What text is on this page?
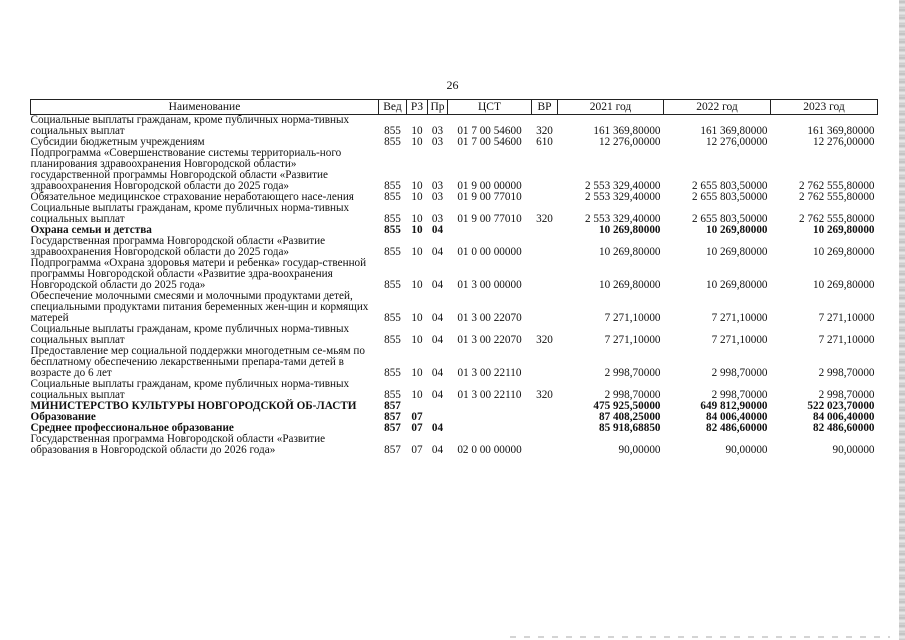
26
Наименование	Вед	РЗ	Пр	ЦСТ	ВР	2021 год	2022 год	2023 год
Социальные выплаты гражданам, кроме публичных норма-тивных социальных выплат	855	10	03	01 7 00 54600	320	161 369,80000	161 369,80000	161 369,80000
Субсидии бюджетным учреждениям	855	10	03	01 7 00 54600	610	12 276,00000	12 276,00000	12 276,00000
Подпрограмма «Совершенствование системы территориаль-ного планирования здравоохранения Новгородской области» государственной программы Новгородской области «Развитие здравоохранения Новгородской области до 2025 года»	855	10	03	01 9 00 00000		2 553 329,40000	2 655 803,50000	2 762 555,80000
Обязательное медицинское страхование неработающего насе-ления	855	10	03	01 9 00 77010		2 553 329,40000	2 655 803,50000	2 762 555,80000
Социальные выплаты гражданам, кроме публичных норма-тивных социальных выплат	855	10	03	01 9 00 77010	320	2 553 329,40000	2 655 803,50000	2 762 555,80000
Охрана семьи и детства	855	10	04			10 269,80000	10 269,80000	10 269,80000
Государственная программа Новгородской области «Развитие здравоохранения Новгородской области до 2025 года»	855	10	04	01 0 00 00000		10 269,80000	10 269,80000	10 269,80000
Подпрограмма «Охрана здоровья матери и ребенка» государ-ственной программы Новгородской области «Развитие здра-воохранения Новгородской области до 2025 года»	855	10	04	01 3 00 00000		10 269,80000	10 269,80000	10 269,80000
Обеспечение молочными смесями и молочными продуктами детей, специальными продуктами питания беременных жен-щин и кормящих матерей	855	10	04	01 3 00 22070		7 271,10000	7 271,10000	7 271,10000
Социальные выплаты гражданам, кроме публичных норма-тивных социальных выплат	855	10	04	01 3 00 22070	320	7 271,10000	7 271,10000	7 271,10000
Предоставление мер социальной поддержки многодетным се-мьям по бесплатному обеспечению лекарственными препара-тами детей в возрасте до 6 лет	855	10	04	01 3 00 22110		2 998,70000	2 998,70000	2 998,70000
Социальные выплаты гражданам, кроме публичных норма-тивных социальных выплат	855	10	04	01 3 00 22110	320	2 998,70000	2 998,70000	2 998,70000
МИНИСТЕРСТВО КУЛЬТУРЫ НОВГОРОДСКОЙ ОБ-ЛАСТИ	857					475 925,50000	649 812,90000	522 023,70000
Образование	857	07				87 408,25000	84 006,40000	84 006,40000
Среднее профессиональное образование	857	07	04			85 918,68850	82 486,60000	82 486,60000
Государственная программа Новгородской области «Развитие образования в Новгородской области до 2026 года»	857	07	04	02 0 00 00000		90,00000	90,00000	90,00000
